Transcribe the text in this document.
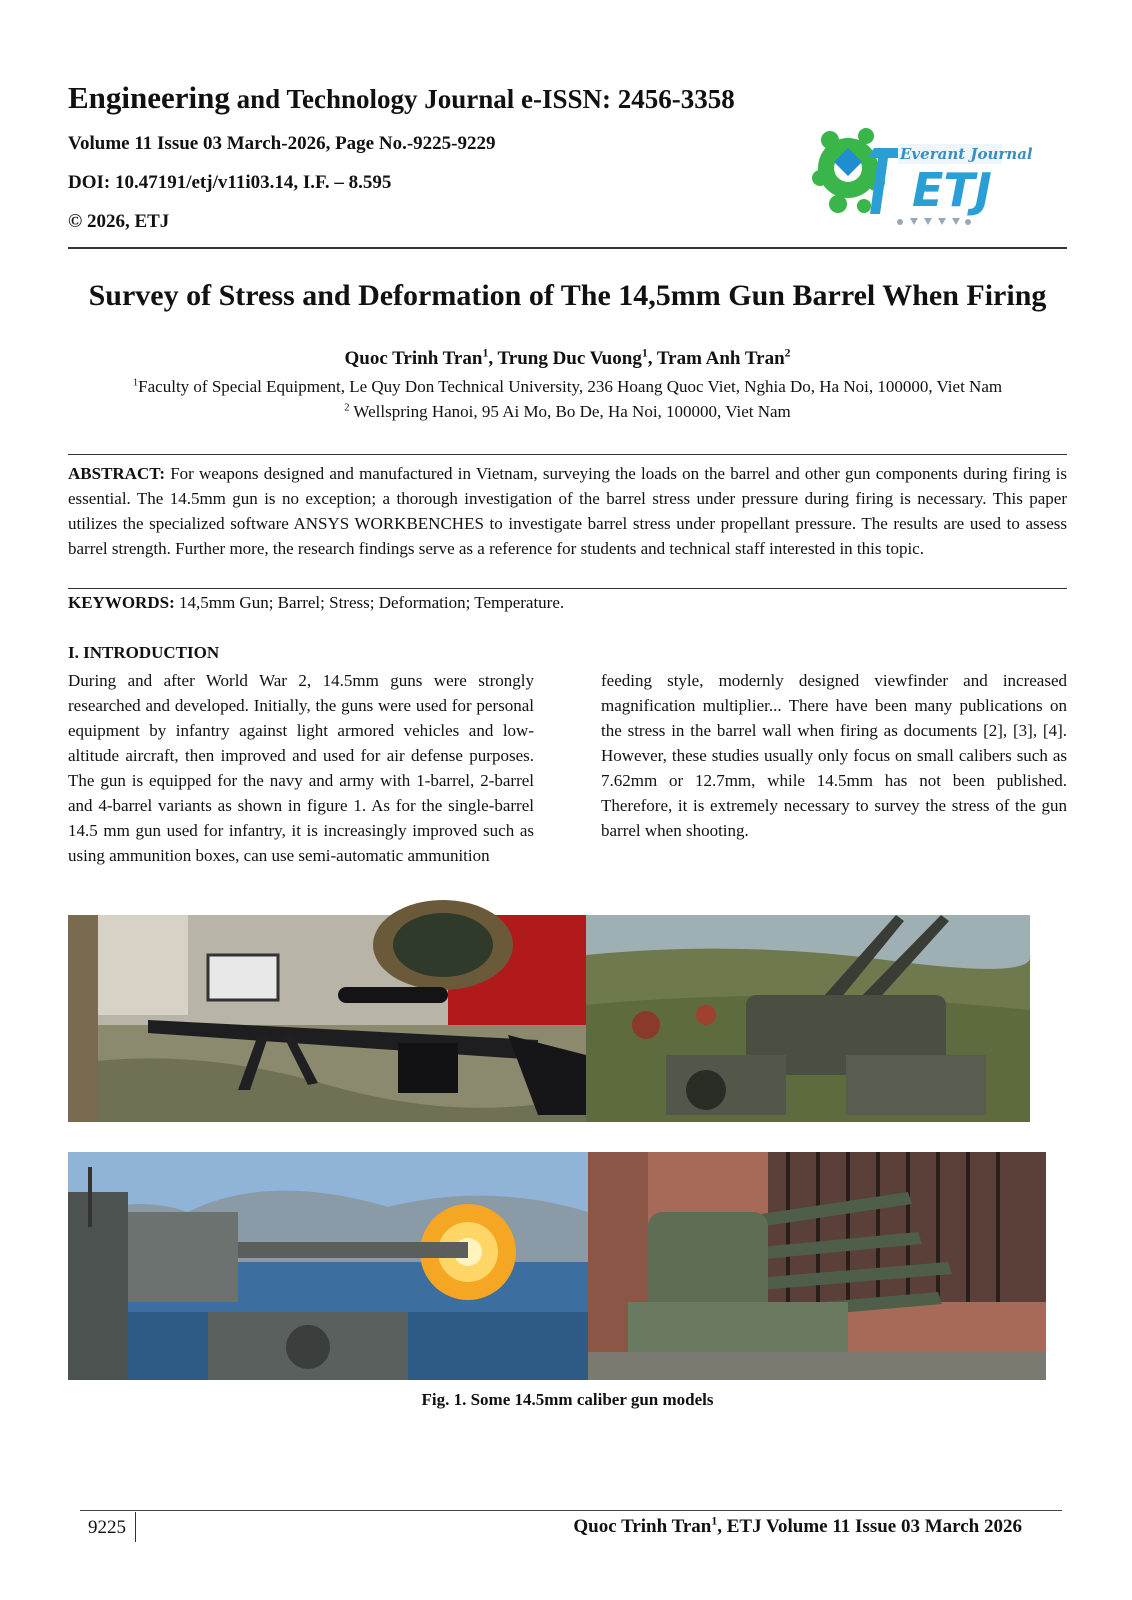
Engineering and Technology Journal e-ISSN: 2456-3358
Volume 11 Issue 03 March-2026, Page No.-9225-9229
DOI: 10.47191/etj/v11i03.14, I.F. – 8.595
© 2026, ETJ
Everant Journal
ETJ
Survey of Stress and Deformation of The 14,5mm Gun Barrel When Firing
Quoc Trinh Tran$^1$, Trung Duc Vuong$^1$, Tram Anh Tran$^2$
$^1$Faculty of Special Equipment, Le Quy Don Technical University, 236 Hoang Quoc Viet, Nghia Do, Ha Noi, 100000, Viet Nam
$^2$ Wellspring Hanoi, 95 Ai Mo, Bo De, Ha Noi, 100000, Viet Nam
ABSTRACT: For weapons designed and manufactured in Vietnam, surveying the loads on the barrel and other gun components during firing is essential. The 14.5mm gun is no exception; a thorough investigation of the barrel stress under pressure during firing is necessary. This paper utilizes the specialized software ANSYS WORKBENCHES to investigate barrel stress under propellant pressure. The results are used to assess barrel strength. Further more, the research findings serve as a reference for students and technical staff interested in this topic.
KEYWORDS: 14,5mm Gun; Barrel; Stress; Deformation; Temperature.
I. INTRODUCTION
During and after World War 2, 14.5mm guns were strongly researched and developed. Initially, the guns were used for personal equipment by infantry against light armored vehicles and low-altitude aircraft, then improved and used for air defense purposes. The gun is equipped for the navy and army with 1-barrel, 2-barrel and 4-barrel variants as shown in figure 1. As for the single-barrel 14.5 mm gun used for infantry, it is increasingly improved such as using ammunition boxes, can use semi-automatic ammunition
feeding style, modernly designed viewfinder and increased magnification multiplier... There have been many publications on the stress in the barrel wall when firing as documents [2], [3], [4]. However, these studies usually only focus on small calibers such as 7.62mm or 12.7mm, while 14.5mm has not been published. Therefore, it is extremely necessary to survey the stress of the gun barrel when shooting.
Fig. 1. Some 14.5mm caliber gun models
9225	Quoc Trinh Tran$^1$, ETJ Volume 11 Issue 03 March 2026
